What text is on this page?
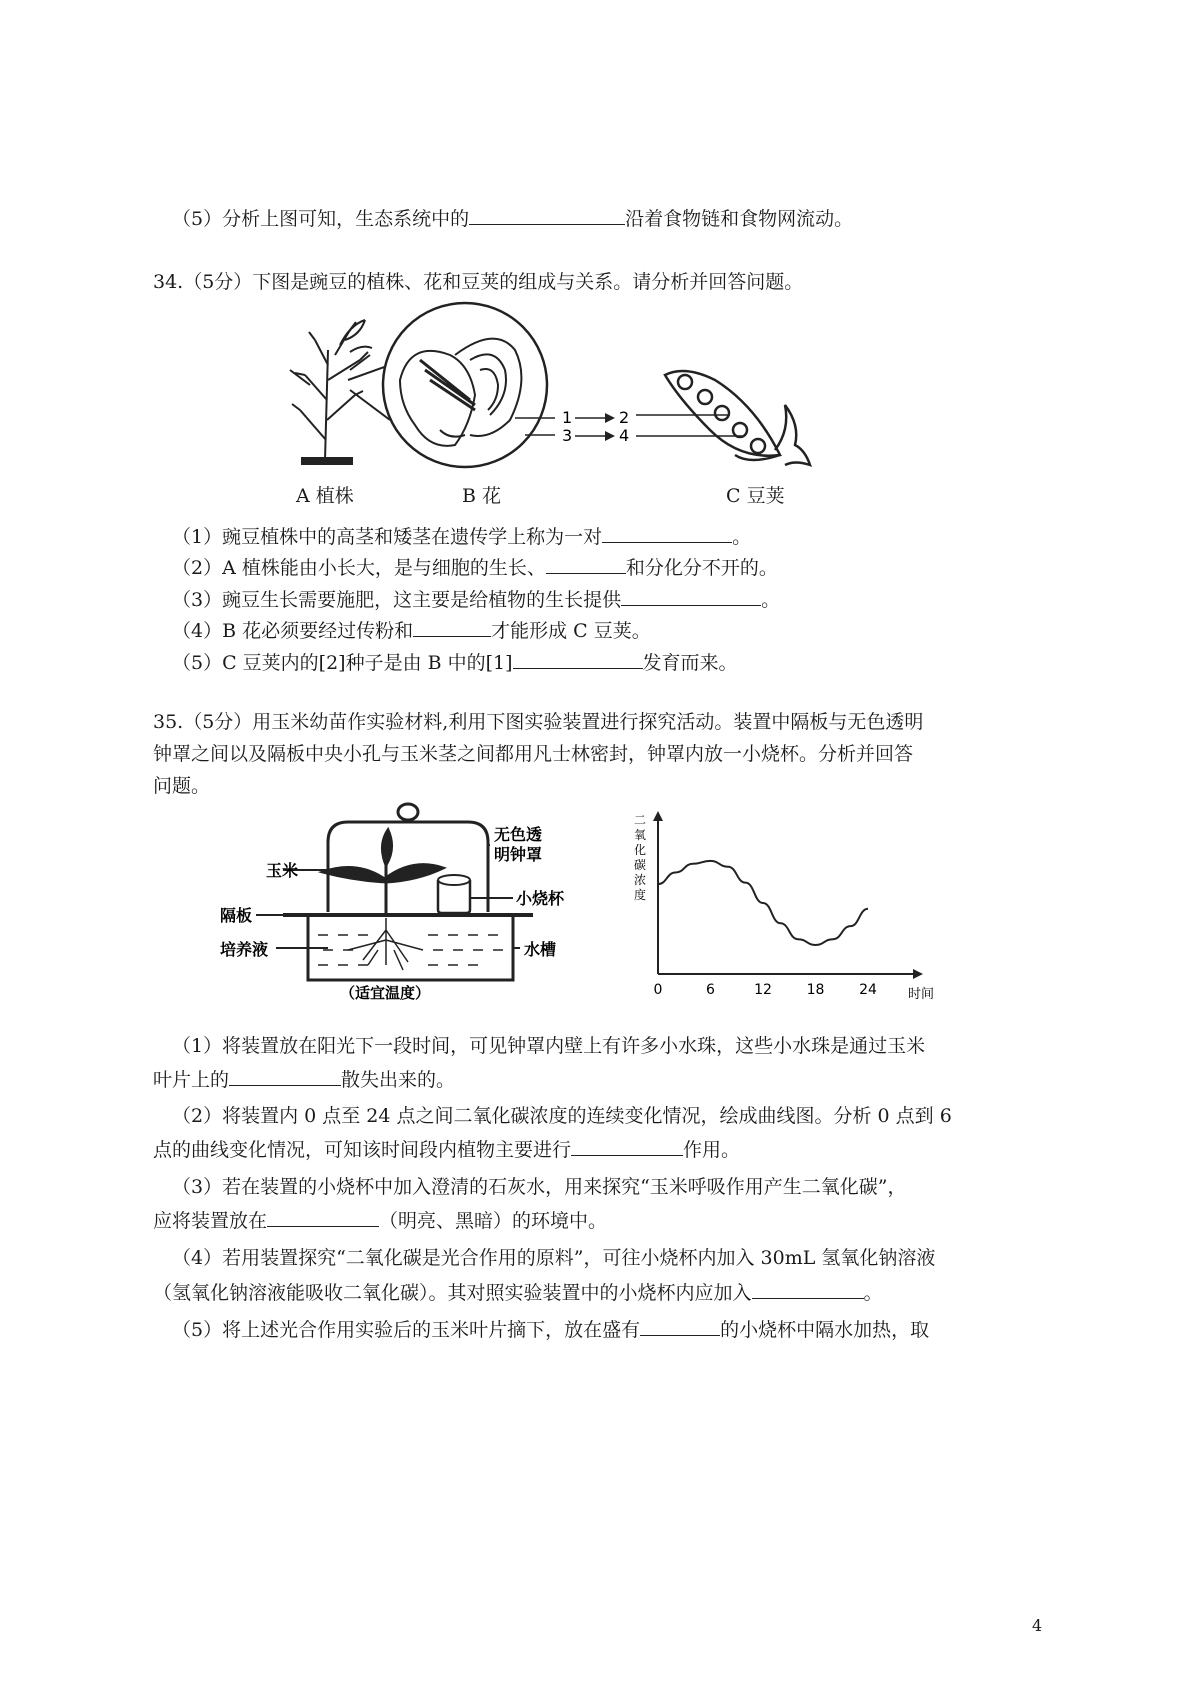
（5）分析上图可知，生态系统中的	沿着食物链和食物网流动。
34.（5分）下图是豌豆的植株、花和豆荚的组成与关系。请分析并回答问题。
1	2
3	4
A 植株	B 花	C 豆荚
（1）豌豆植株中的高茎和矮茎在遗传学上称为一对	。
（2）A 植株能由小长大，是与细胞的生长、	和分化分不开的。
（3）豌豆生长需要施肥，这主要是给植物的生长提供	。
（4）B 花必须要经过传粉和	才能形成 C 豆荚。
（5）C 豆荚内的[2]种子是由 B 中的[1]	发育而来。
35.（5分）用玉米幼苗作实验材料,利用下图实验装置进行探究活动。装置中隔板与无色透明
钟罩之间以及隔板中央小孔与玉米茎之间都用凡士林密封，钟罩内放一小烧杯。分析并回答
问题。
玉米
隔板
培养液
无色透
明钟罩
小烧杯
水槽
（适宜温度）
二
氧
化
碳
浓
度
0	6	12 18 24 时间
（1）将装置放在阳光下一段时间，可见钟罩内壁上有许多小水珠，这些小水珠是通过玉米
叶片上的	散失出来的。
（2）将装置内 0 点至 24 点之间二氧化碳浓度的连续变化情况，绘成曲线图。分析 0 点到 6
点的曲线变化情况，可知该时间段内植物主要进行	作用。
（3）若在装置的小烧杯中加入澄清的石灰水，用来探究“玉米呼吸作用产生二氧化碳”，
应将装置放在	（明亮、黑暗）的环境中。
（4）若用装置探究“二氧化碳是光合作用的原料”，可往小烧杯内加入 30mL 氢氧化钠溶液
（氢氧化钠溶液能吸收二氧化碳）。其对照实验装置中的小烧杯内应加入	。
（5）将上述光合作用实验后的玉米叶片摘下，放在盛有	的小烧杯中隔水加热，取
4
